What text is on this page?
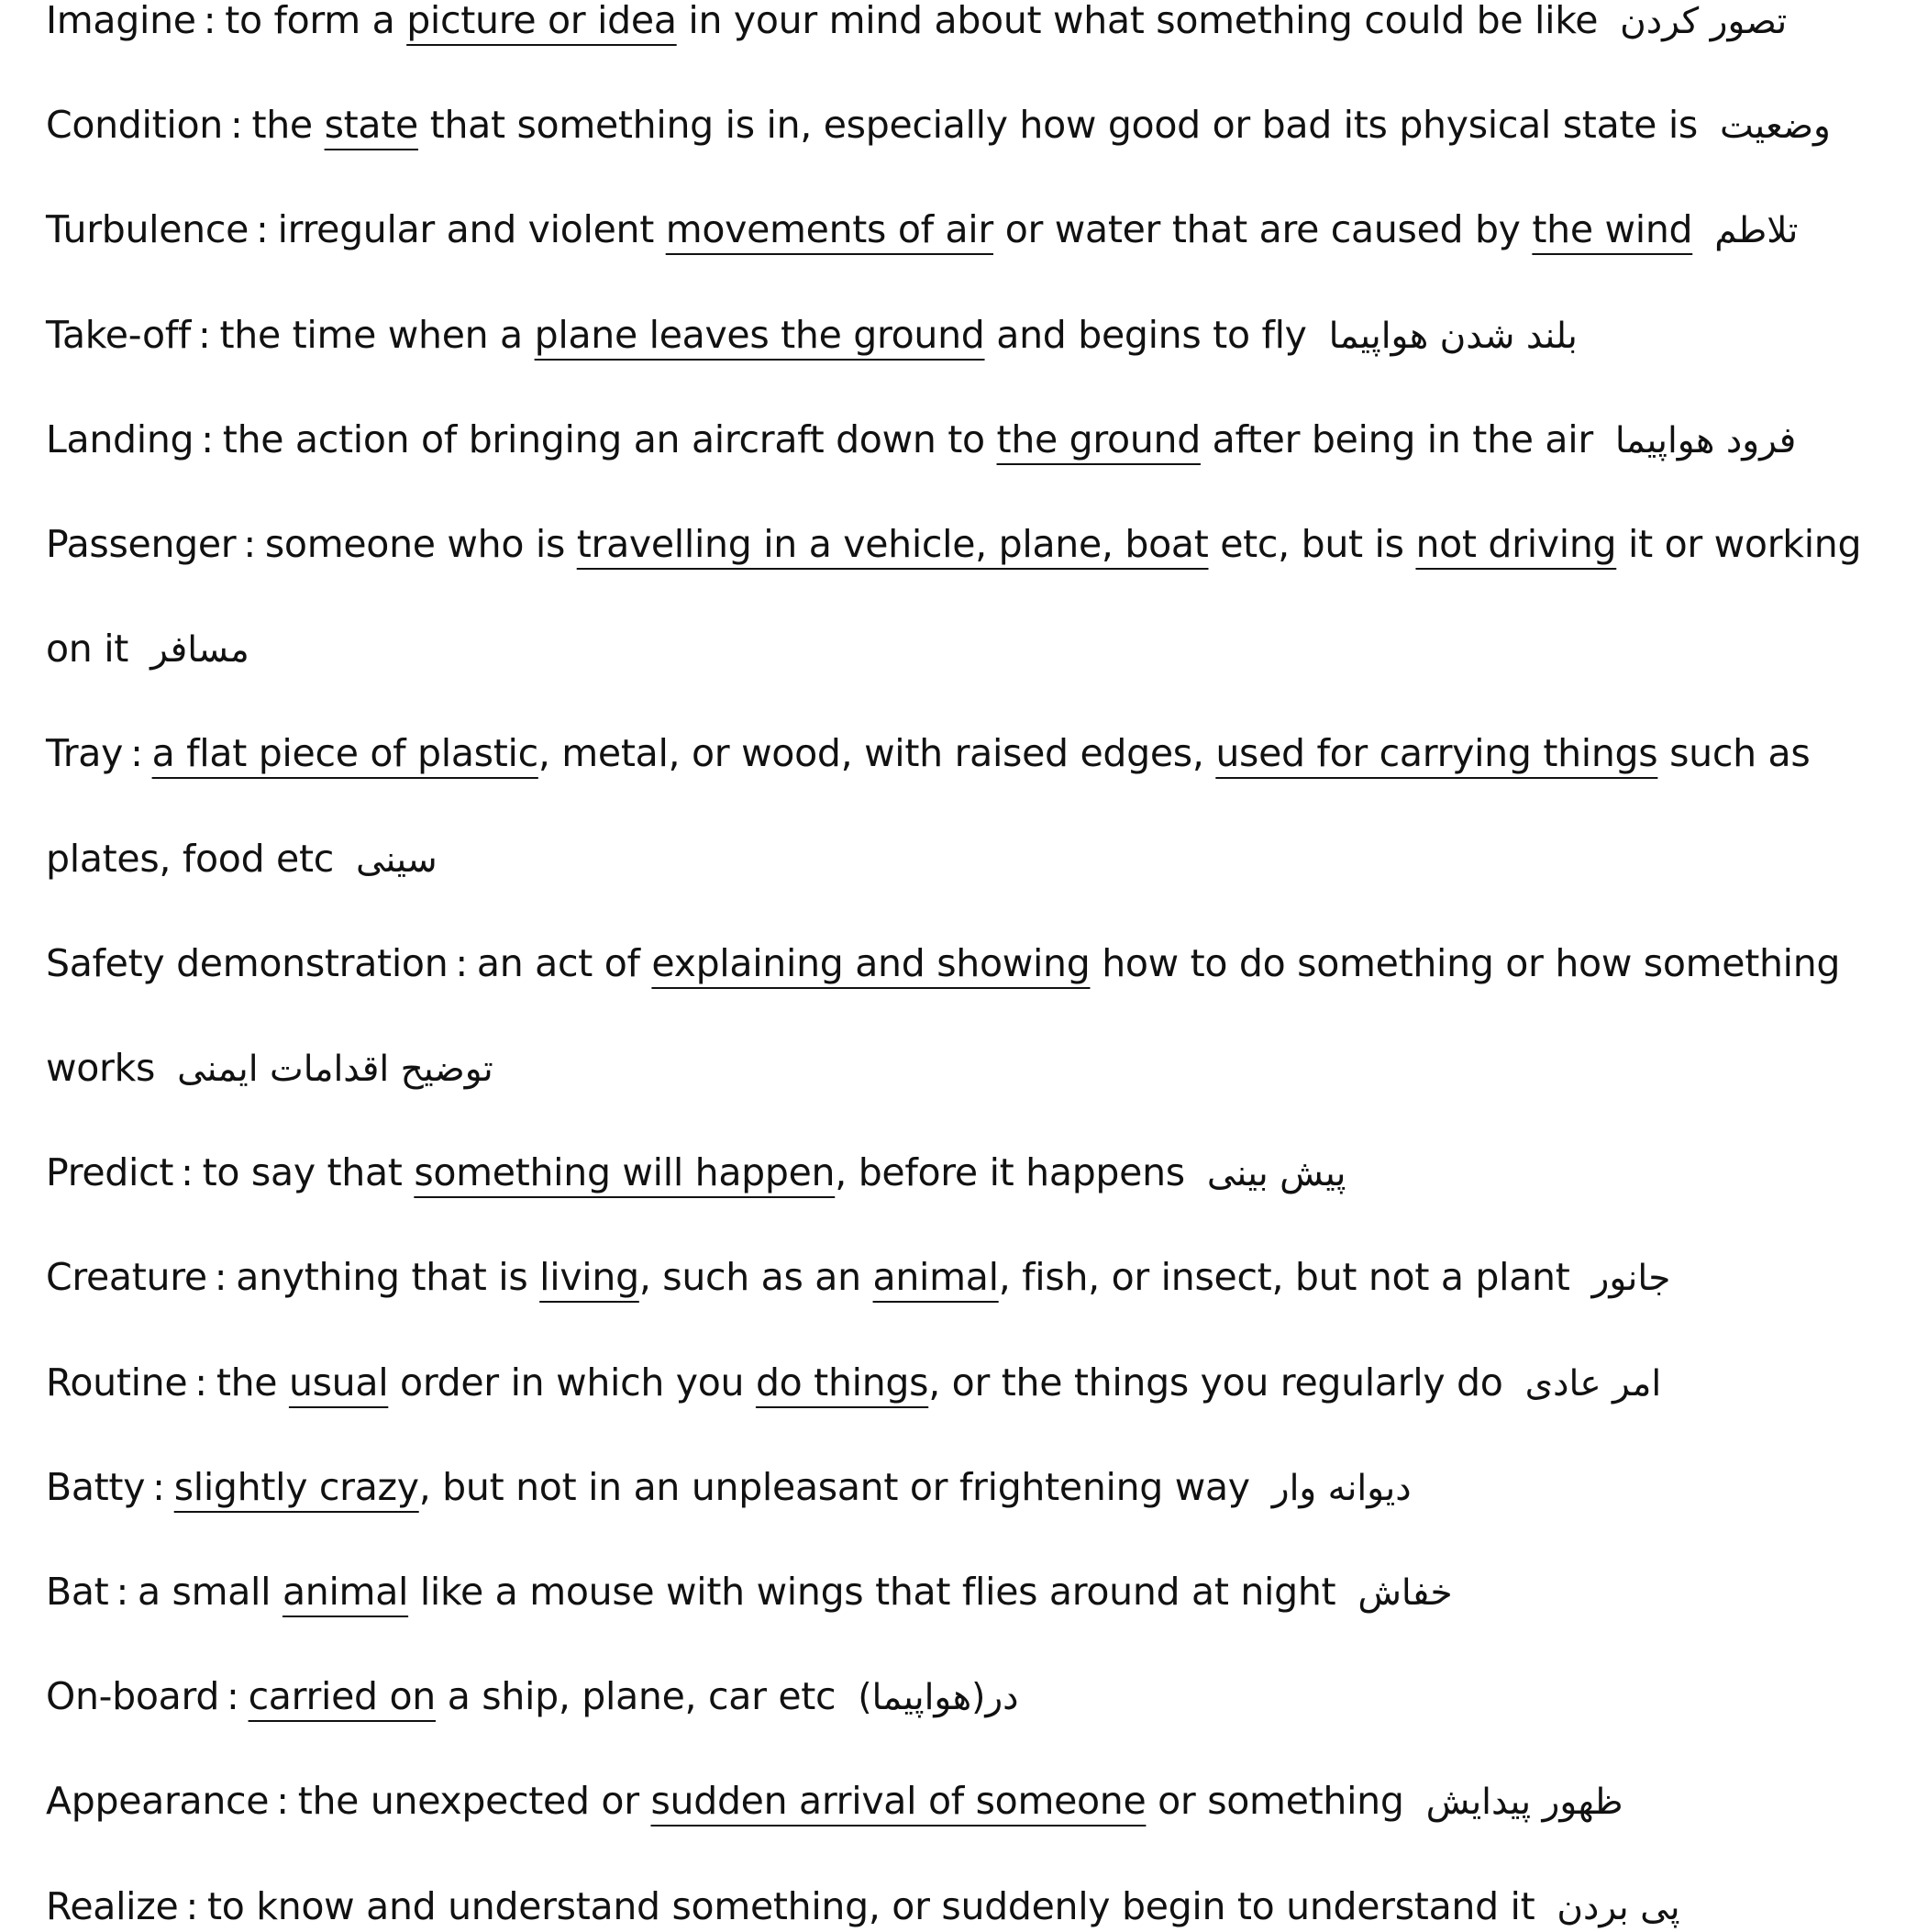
Imagine : to form a picture or idea in your mind about what something could be like تصور کردن
Condition : the state that something is in, especially how good or bad its physical state is وضعیت
Turbulence : irregular and violent movements of air or water that are caused by the wind تلاطم
Take-off : the time when a plane leaves the ground and begins to fly بلند شدن هواپیما
Landing : the action of bringing an aircraft down to the ground after being in the air فرود هواپیما
Passenger : someone who is travelling in a vehicle, plane, boat etc, but is not driving it or working
on it مسافر
Tray : a flat piece of plastic, metal, or wood, with raised edges, used for carrying things such as
plates, food etc سینی
Safety demonstration : an act of explaining and showing how to do something or how something
works توضیح اقدامات ایمنی
Predict : to say that something will happen, before it happens پیش بینی
Creature : anything that is living, such as an animal, fish, or insect, but not a plant جانور
Routine : the usual order in which you do things, or the things you regularly do امر عادی
Batty : slightly crazy, but not in an unpleasant or frightening way دیوانه وار
Bat : a small animal like a mouse with wings that flies around at night خفاش
On-board : carried on a ship, plane, car etc در(هواپیما)
Appearance : the unexpected or sudden arrival of someone or something ظهور پیدایش
Realize : to know and understand something, or suddenly begin to understand it پی بردن
